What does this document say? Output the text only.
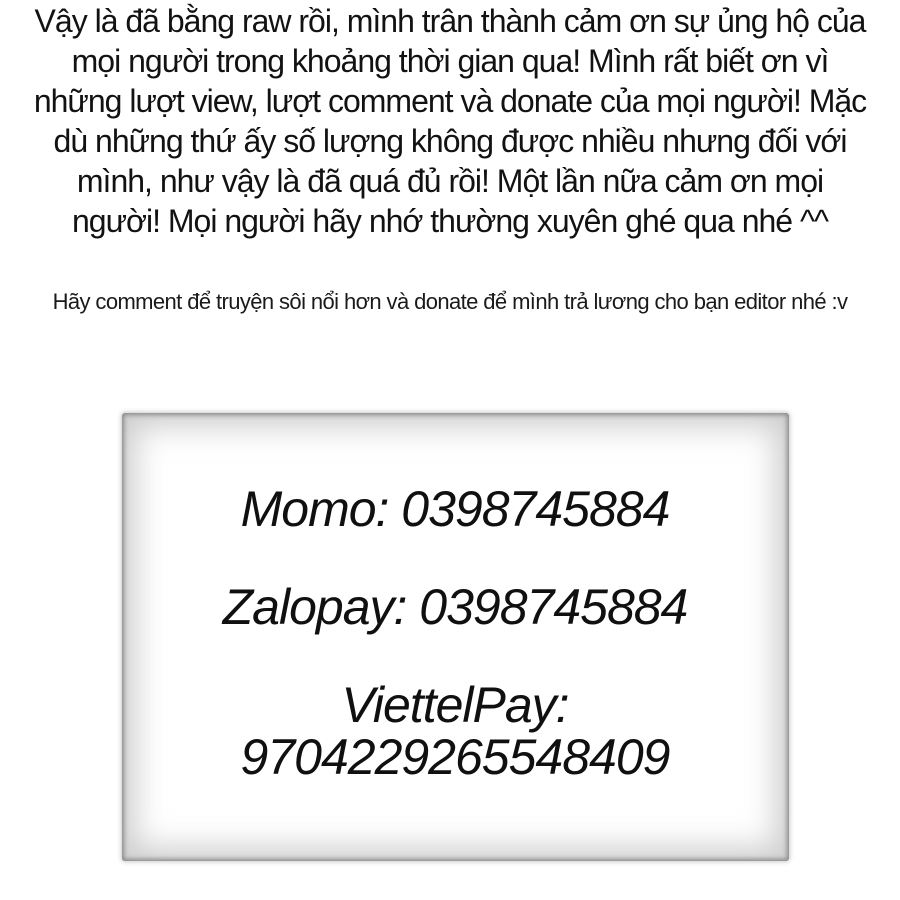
Vậy là đã bằng raw rồi, mình trân thành cảm ơn sự ủng hộ của
mọi người trong khoảng thời gian qua! Mình rất biết ơn vì
những lượt view, lượt comment và donate của mọi người! Mặc
dù những thứ ấy số lượng không được nhiều nhưng đối với
mình, như vậy là đã quá đủ rồi! Một lần nữa cảm ơn mọi
người! Mọi người hãy nhớ thường xuyên ghé qua nhé ^^
Hãy comment để truyện sôi nổi hơn và donate để mình trả lương cho bạn editor nhé :v
Momo: 0398745884
Zalopay: 0398745884
ViettelPay:
9704229265548409
